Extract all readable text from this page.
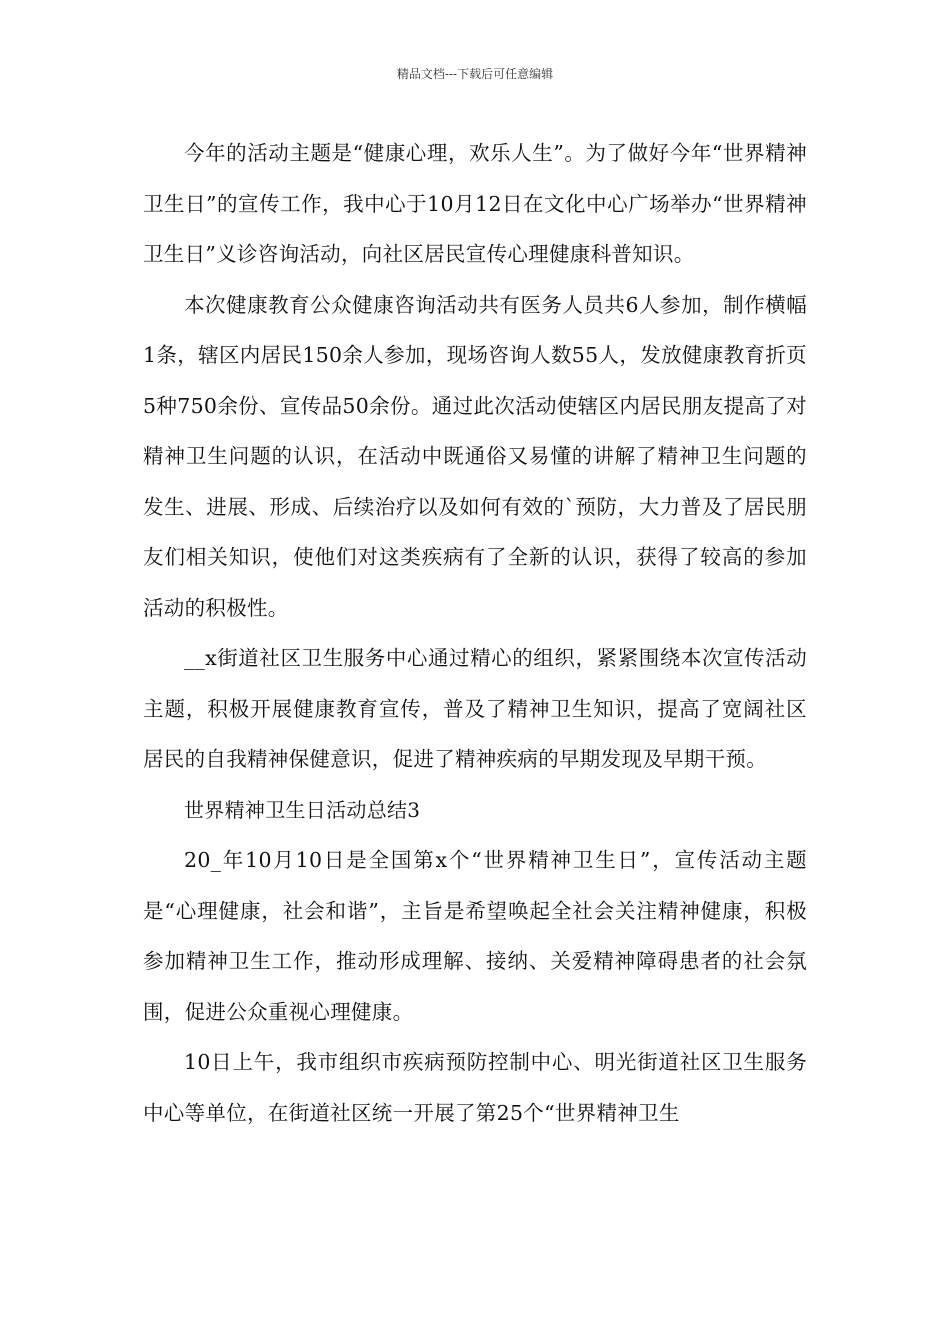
精品文档---下载后可任意编辑

今年的活动主题是“健康心理，欢乐人生”。为了做好今年“世界精神卫生日”的宣传工作，我中心于10月12日在文化中心广场举办“世界精神卫生日”义诊咨询活动，向社区居民宣传心理健康科普知识。

本次健康教育公众健康咨询活动共有医务人员共6人参加，制作横幅1条，辖区内居民150余人参加，现场咨询人数55人，发放健康教育折页5种750余份、宣传品50余份。通过此次活动使辖区内居民朋友提高了对精神卫生问题的认识，在活动中既通俗又易懂的讲解了精神卫生问题的发生、进展、形成、后续治疗以及如何有效的`预防，大力普及了居民朋友们相关知识，使他们对这类疾病有了全新的认识，获得了较高的参加活动的积极性。

__x街道社区卫生服务中心通过精心的组织，紧紧围绕本次宣传活动主题，积极开展健康教育宣传，普及了精神卫生知识，提高了宽阔社区居民的自我精神保健意识，促进了精神疾病的早期发现及早期干预。

世界精神卫生日活动总结3

20_年10月10日是全国第x个“世界精神卫生日”，宣传活动主题是“心理健康，社会和谐”，主旨是希望唤起全社会关注精神健康，积极参加精神卫生工作，推动形成理解、接纳、关爱精神障碍患者的社会氛围，促进公众重视心理健康。

10日上午，我市组织市疾病预防控制中心、明光街道社区卫生服务中心等单位，在街道社区统一开展了第25个“世界精神卫生
